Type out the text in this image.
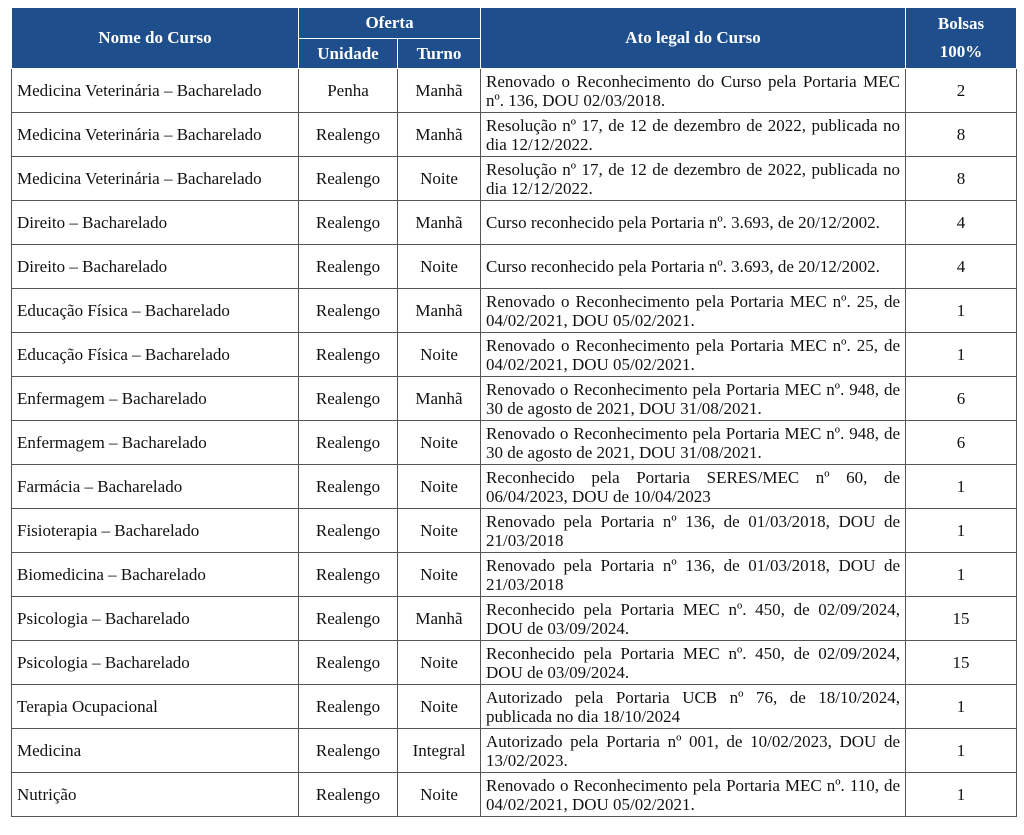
Nome do Curso	Oferta		Ato legal do Curso	Bolsas
100%

	Unidade	Turno		
Medicina Veterinária – Bacharelado	Penha	Manhã	Renovado o Reconhecimento do Curso pela Portaria MEC nº. 136, DOU 02/03/2018.	2
Medicina Veterinária – Bacharelado	Realengo	Manhã	Resolução nº 17, de 12 de dezembro de 2022, publicada no dia 12/12/2022.	8
Medicina Veterinária – Bacharelado	Realengo	Noite	Resolução nº 17, de 12 de dezembro de 2022, publicada no dia 12/12/2022.	8
Direito – Bacharelado	Realengo	Manhã	Curso reconhecido pela Portaria nº. 3.693, de 20/12/2002.	4
Direito – Bacharelado	Realengo	Noite	Curso reconhecido pela Portaria nº. 3.693, de 20/12/2002.	4
Educação Física – Bacharelado	Realengo	Manhã	Renovado o Reconhecimento pela Portaria MEC nº. 25, de 04/02/2021, DOU 05/02/2021.	1
Educação Física – Bacharelado	Realengo	Noite	Renovado o Reconhecimento pela Portaria MEC nº. 25, de 04/02/2021, DOU 05/02/2021.	1
Enfermagem – Bacharelado	Realengo	Manhã	Renovado o Reconhecimento pela Portaria MEC nº. 948, de 30 de agosto de 2021, DOU 31/08/2021.	6
Enfermagem – Bacharelado	Realengo	Noite	Renovado o Reconhecimento pela Portaria MEC nº. 948, de 30 de agosto de 2021, DOU 31/08/2021.	6
Farmácia – Bacharelado	Realengo	Noite	Reconhecido pela Portaria SERES/MEC nº 60, de 06/04/2023, DOU de 10/04/2023	1
Fisioterapia – Bacharelado	Realengo	Noite	Renovado pela Portaria nº 136, de 01/03/2018, DOU de 21/03/2018	1
Biomedicina – Bacharelado	Realengo	Noite	Renovado pela Portaria nº 136, de 01/03/2018, DOU de 21/03/2018	1
Psicologia – Bacharelado	Realengo	Manhã	Reconhecido pela Portaria MEC nº. 450, de 02/09/2024, DOU de 03/09/2024.	15
Psicologia – Bacharelado	Realengo	Noite	Reconhecido pela Portaria MEC nº. 450, de 02/09/2024, DOU de 03/09/2024.	15
Terapia Ocupacional	Realengo	Noite	Autorizado pela Portaria UCB nº 76, de 18/10/2024, publicada no dia 18/10/2024	1
Medicina	Realengo	Integral	Autorizado pela Portaria nº 001, de 10/02/2023, DOU de 13/02/2023.	1
Nutrição	Realengo	Noite	Renovado o Reconhecimento pela Portaria MEC nº. 110, de 04/02/2021, DOU 05/02/2021.	1
